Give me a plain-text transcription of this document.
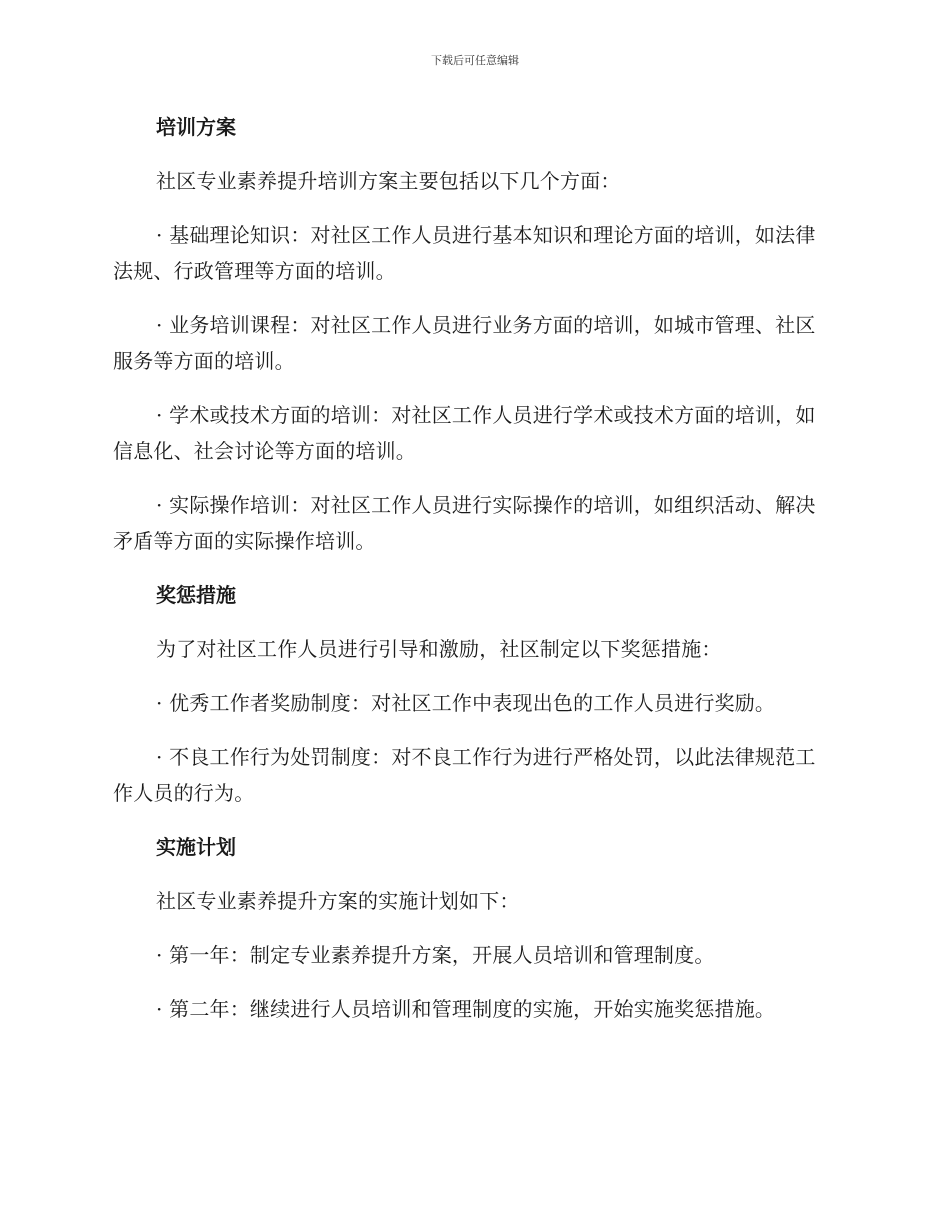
下载后可任意编辑
培训方案

社区专业素养提升培训方案主要包括以下几个方面：

· 基础理论知识：对社区工作人员进行基本知识和理论方面的培训，如法律法规、行政管理等方面的培训。

· 业务培训课程：对社区工作人员进行业务方面的培训，如城市管理、社区服务等方面的培训。

· 学术或技术方面的培训：对社区工作人员进行学术或技术方面的培训，如信息化、社会讨论等方面的培训。

· 实际操作培训：对社区工作人员进行实际操作的培训，如组织活动、解决矛盾等方面的实际操作培训。

奖惩措施

为了对社区工作人员进行引导和激励，社区制定以下奖惩措施：

· 优秀工作者奖励制度：对社区工作中表现出色的工作人员进行奖励。

· 不良工作行为处罚制度：对不良工作行为进行严格处罚，以此法律规范工作人员的行为。

实施计划

社区专业素养提升方案的实施计划如下：

· 第一年：制定专业素养提升方案，开展人员培训和管理制度。

· 第二年：继续进行人员培训和管理制度的实施，开始实施奖惩措施。
